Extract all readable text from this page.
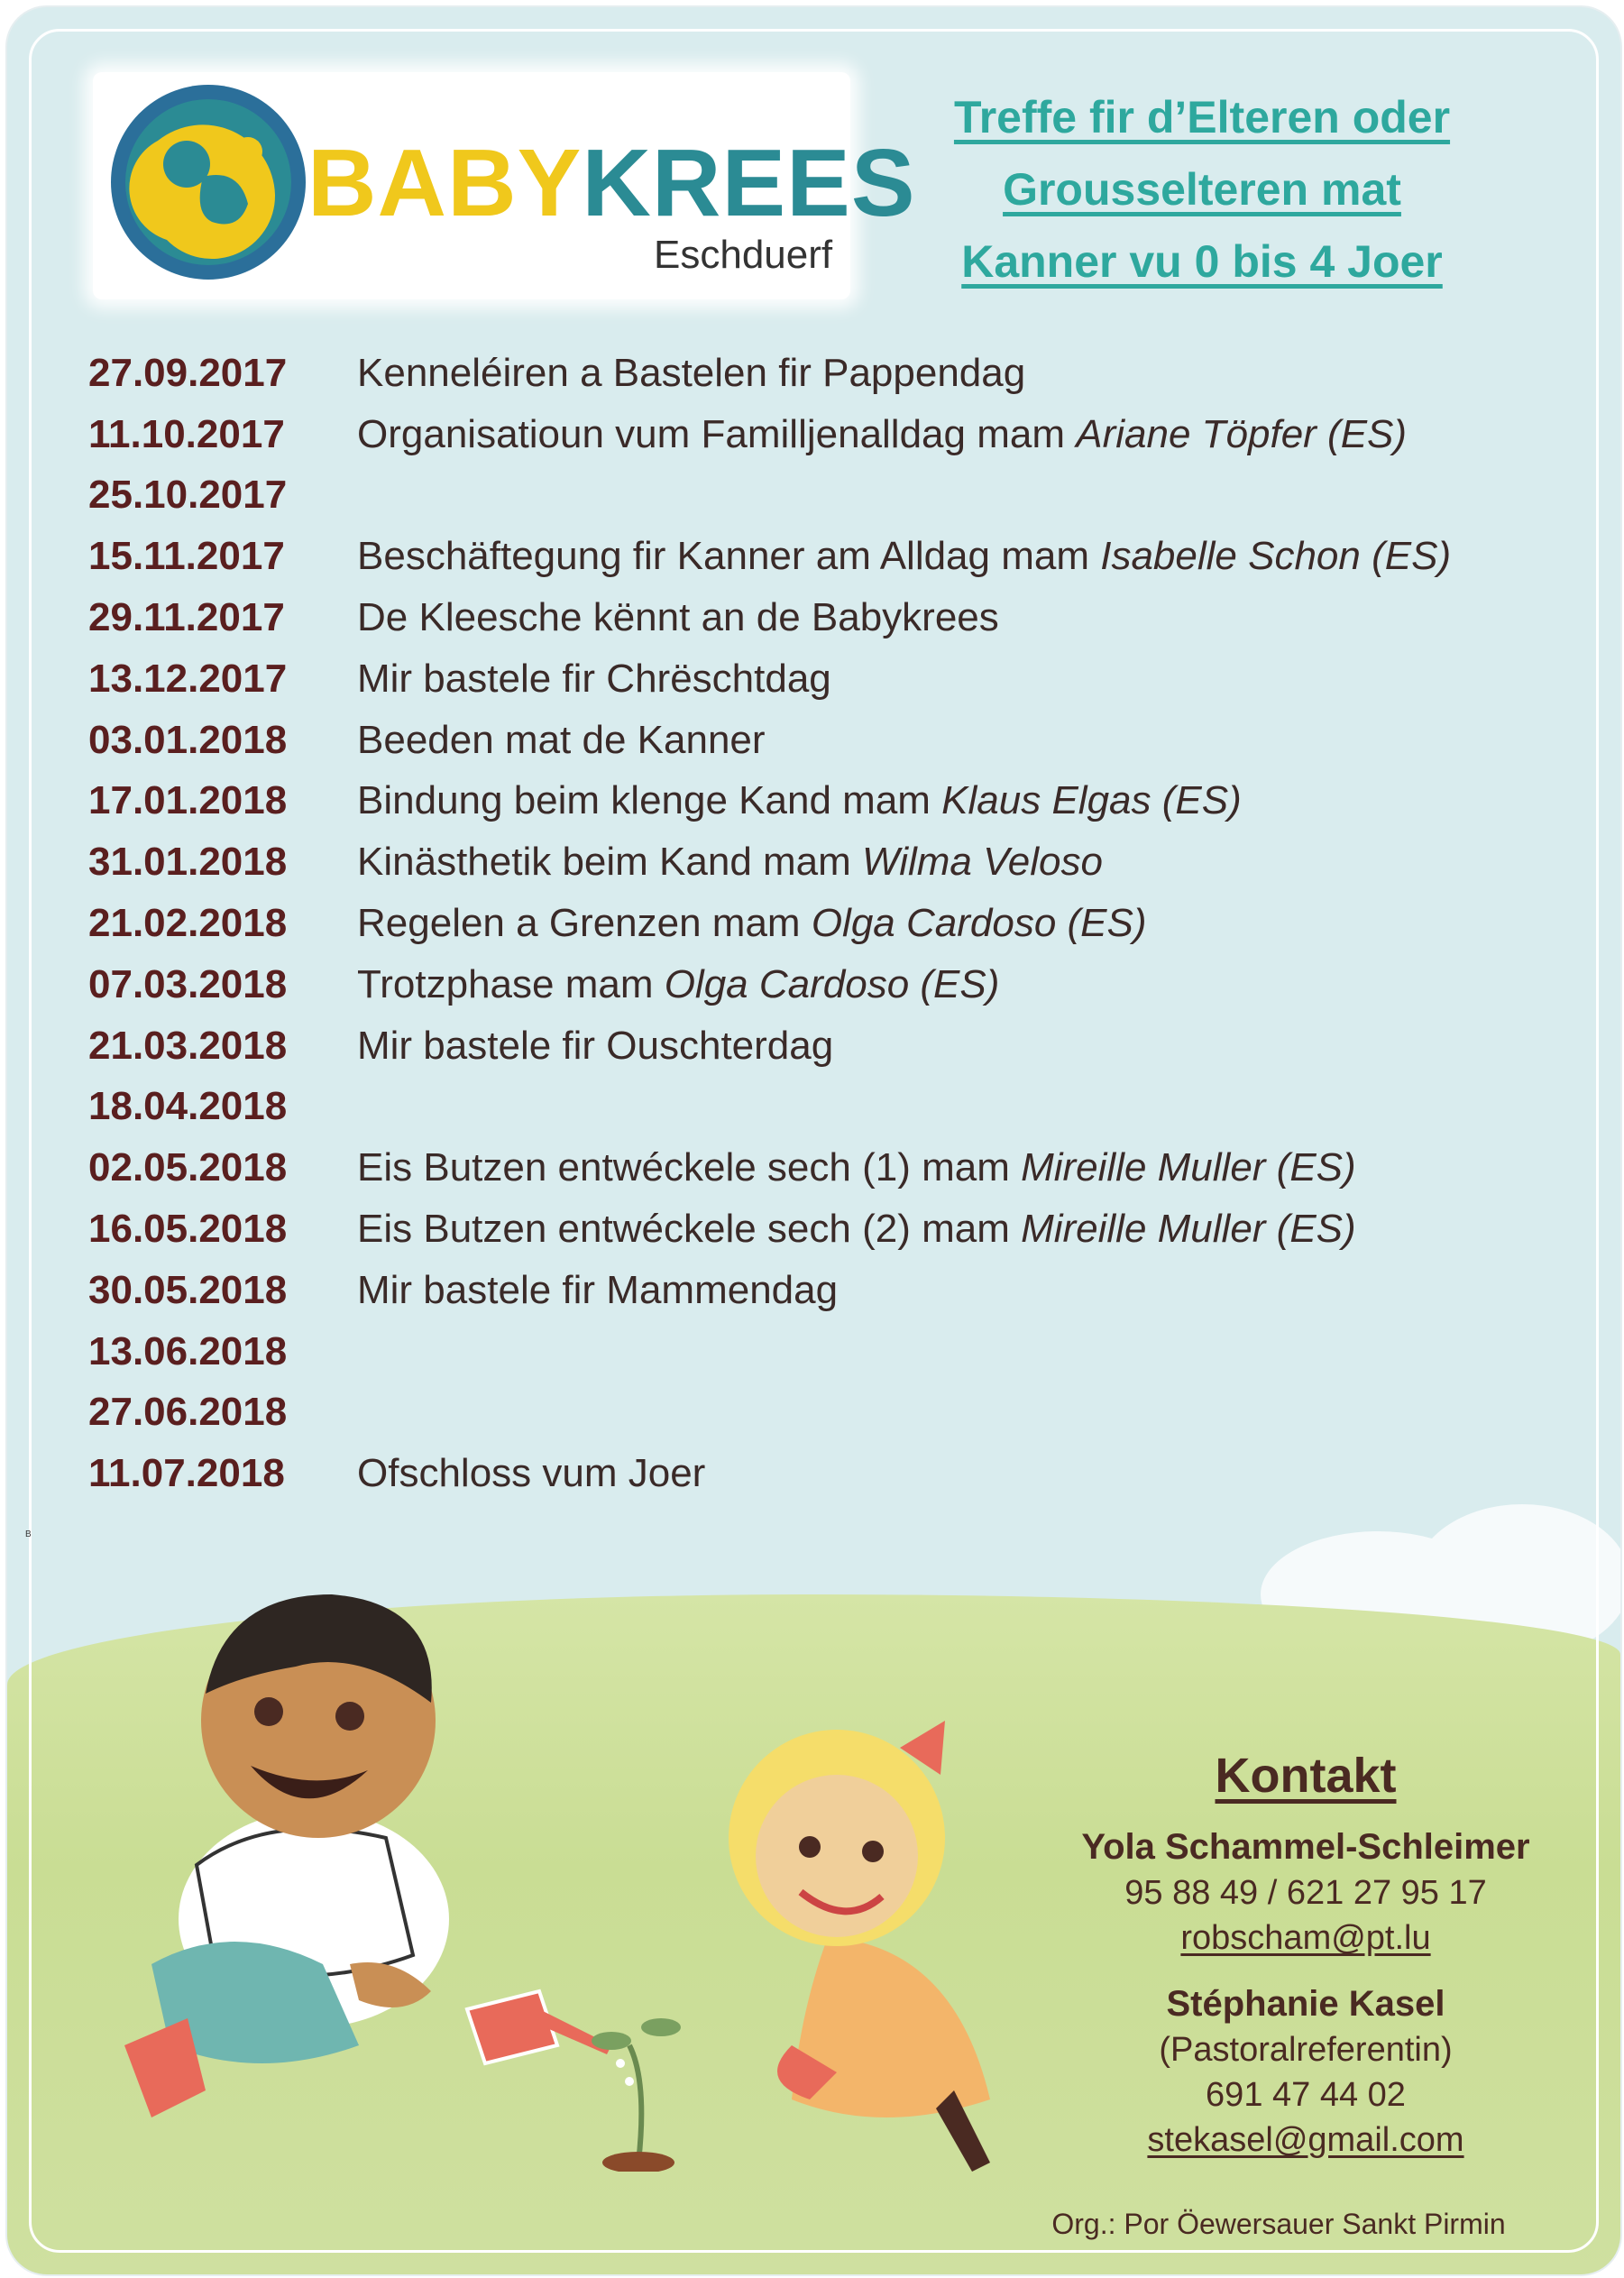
BABYKREES
Eschduerf
Treffe fir d’Elteren oder
Grousselteren mat
Kanner vu 0 bis 4 Joer
B
27.09.2017	Kenneléiren a Bastelen fir Pappendag
11.10.2017	Organisatioun vum Familljenalldag mam Ariane Töpfer (ES)
25.10.2017
15.11.2017	Beschäftegung fir Kanner am Alldag mam Isabelle Schon (ES)
29.11.2017	De Kleesche kënnt an de Babykrees
13.12.2017	Mir bastele fir Chrëschtdag
03.01.2018	Beeden mat de Kanner
17.01.2018	Bindung beim klenge Kand mam Klaus Elgas (ES)
31.01.2018	Kinästhetik beim Kand mam Wilma Veloso
21.02.2018	Regelen a Grenzen mam Olga Cardoso (ES)
07.03.2018	Trotzphase mam Olga Cardoso (ES)
21.03.2018	Mir bastele fir Ouschterdag
18.04.2018
02.05.2018	Eis Butzen entwéckele sech (1) mam Mireille Muller (ES)
16.05.2018	Eis Butzen entwéckele sech (2) mam Mireille Muller (ES)
30.05.2018	Mir bastele fir Mammendag
13.06.2018
27.06.2018
11.07.2018	Ofschloss vum Joer
Kontakt
Yola Schammel-Schleimer
95 88 49 / 621 27 95 17
robscham@pt.lu
Stéphanie Kasel
(Pastoralreferentin)
691 47 44 02
stekasel@gmail.com
Org.: Por Öewersauer Sankt Pirmin
